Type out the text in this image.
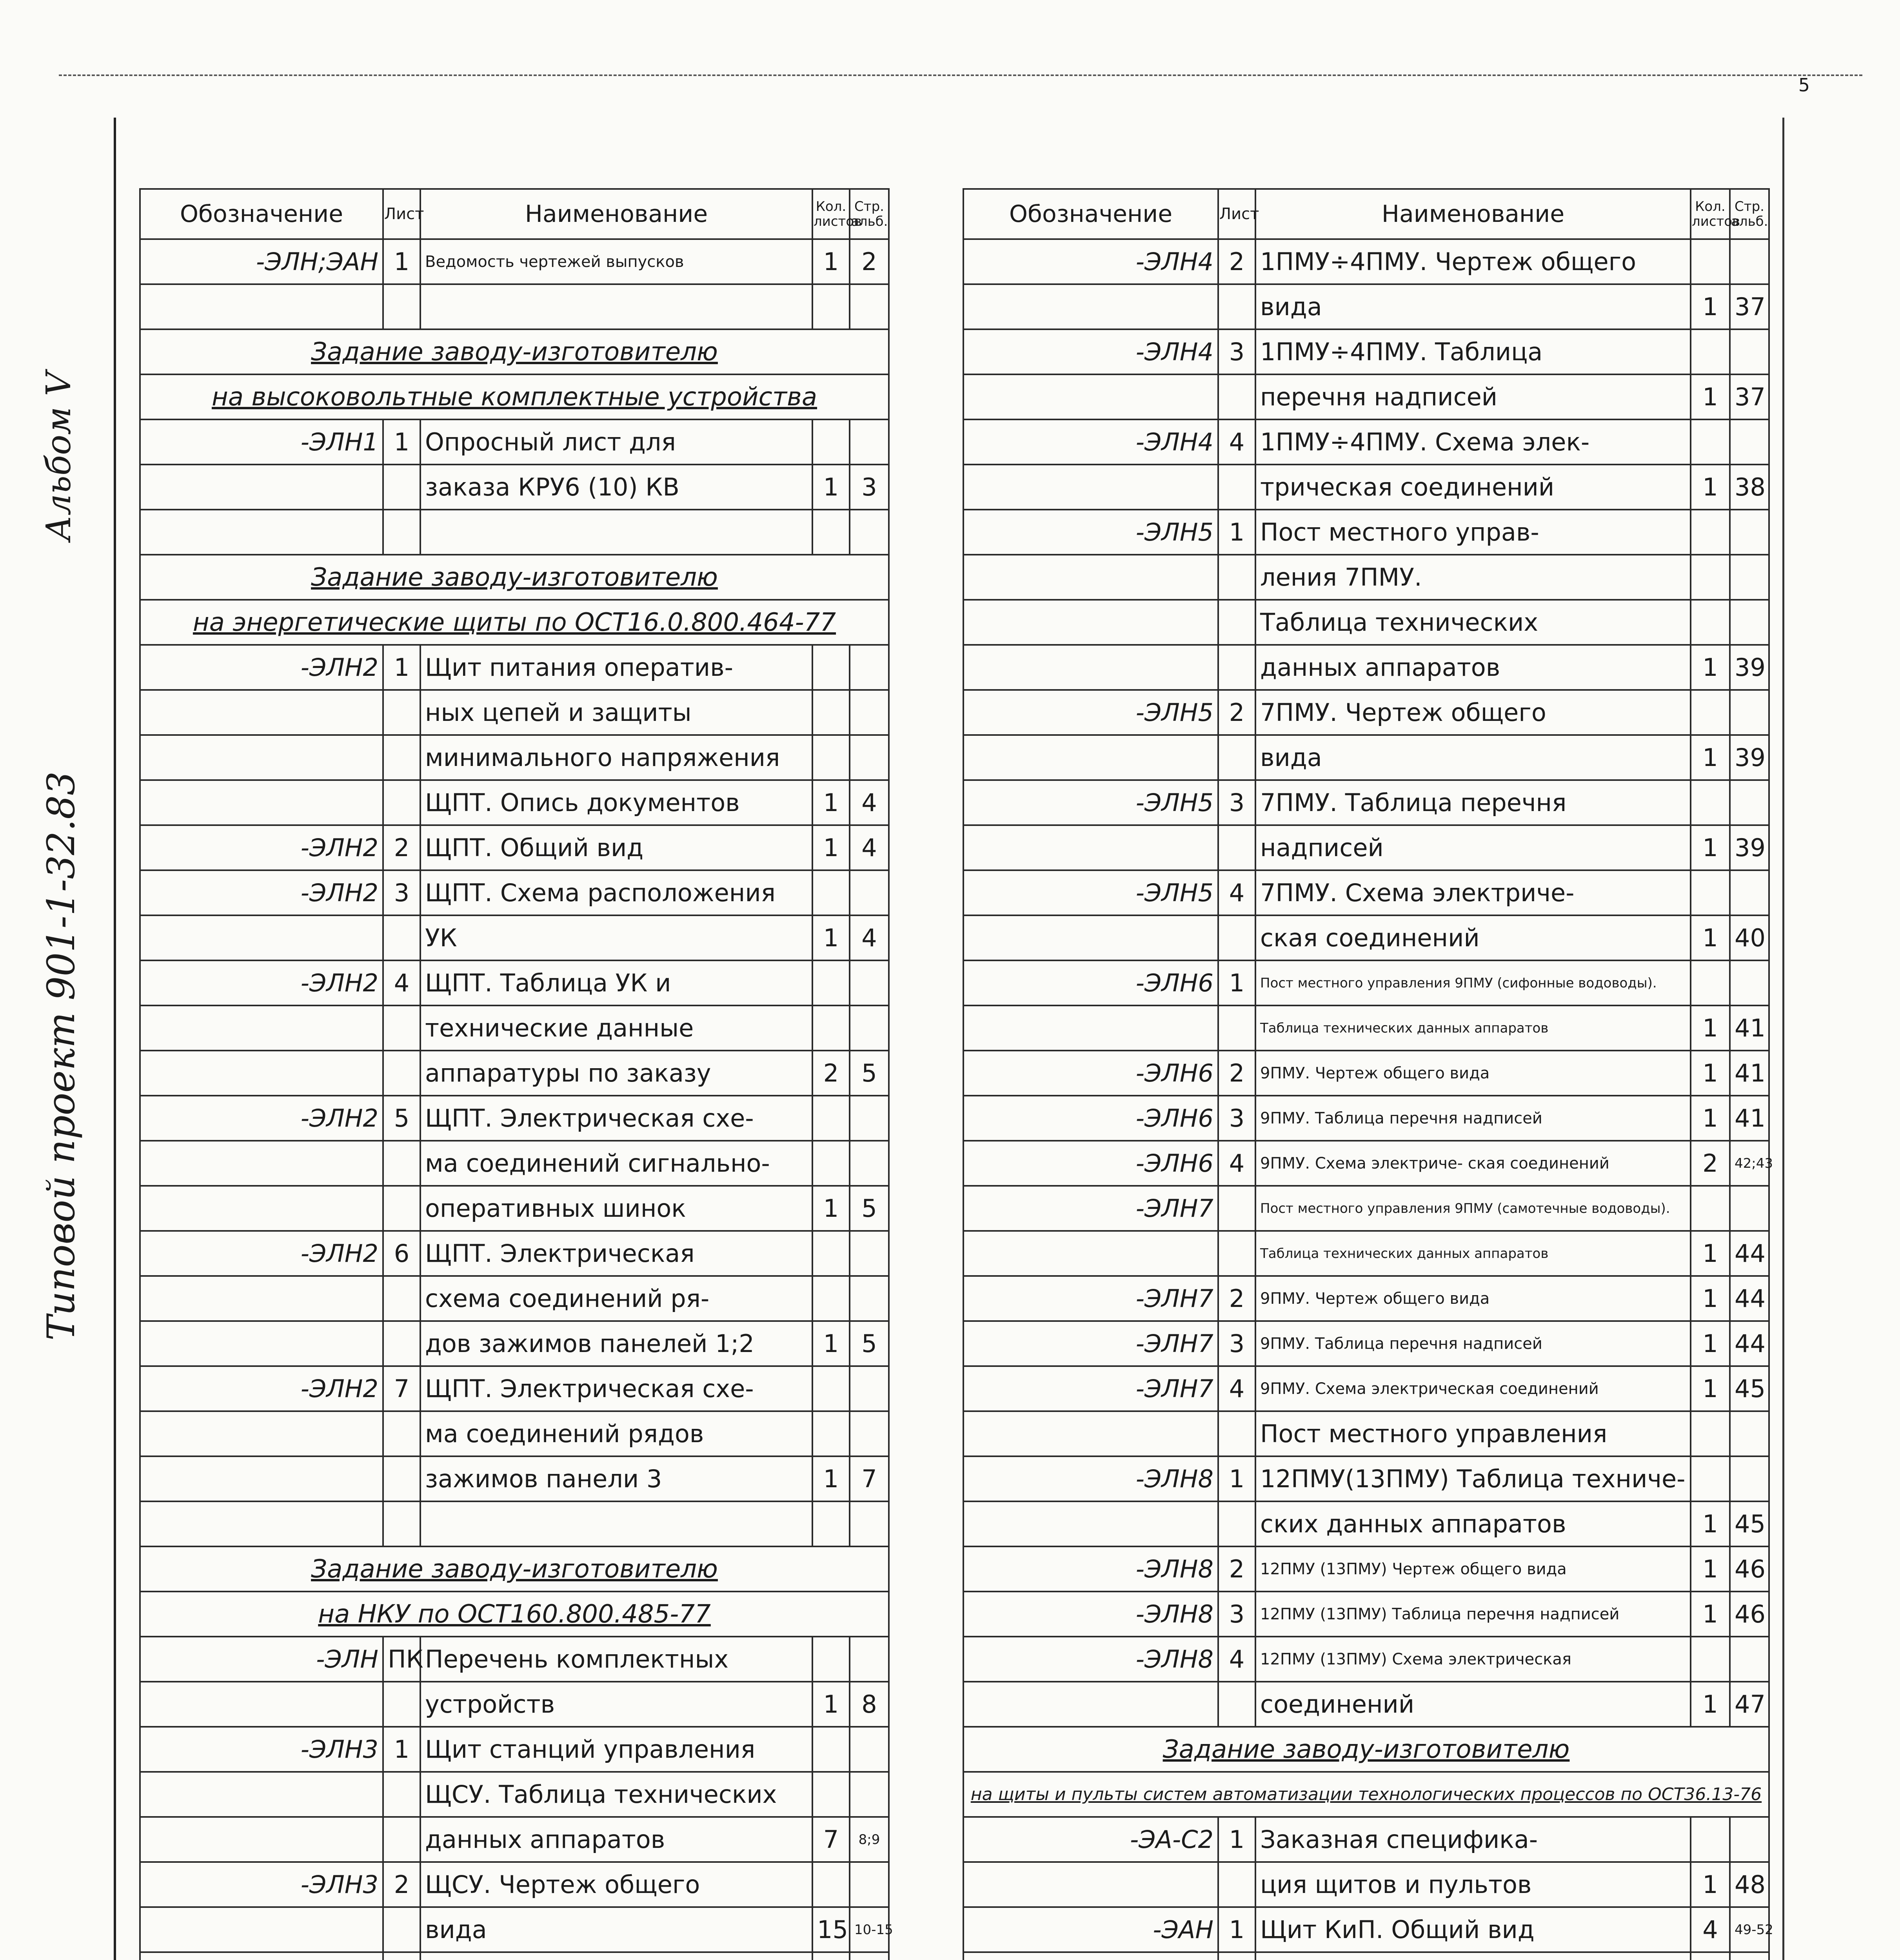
5
Альбом V
Типовой проект 901-1-32.83
Обозначение	Лист	Наименование	Кол. листов	Стр. альб.
-ЭЛН;ЭАН	1	Ведомость чертежей выпусков	1	2

Задание заводу-изготовителю				
на высоковольтные комплектные устройства				
-ЭЛН1	1	Опросный лист для		
		заказа КРУ6 (10) КВ	1	3

Задание заводу-изготовителю				
на энергетические щиты по ОСТ16.0.800.464-77				
-ЭЛН2	1	Щит питания оператив-		
		ных цепей и защиты		
		минимального напряжения		
		ЩПТ. Опись документов	1	4
-ЭЛН2	2	ЩПТ. Общий вид	1	4
-ЭЛН2	3	ЩПТ. Схема расположения		
		УК	1	4
-ЭЛН2	4	ЩПТ. Таблица УК и		
		технические данные		
		аппаратуры по заказу	2	5
-ЭЛН2	5	ЩПТ. Электрическая схе-		
		ма соединений сигнально-		
		оперативных шинок	1	5
-ЭЛН2	6	ЩПТ. Электрическая		
		схема соединений ря-		
		дов зажимов панелей 1;2	1	5
-ЭЛН2	7	ЩПТ. Электрическая схе-		
		ма соединений рядов		
		зажимов панели 3	1	7

Задание заводу-изготовителю				
на НКУ по ОСТ160.800.485-77				
-ЭЛН	ПК	Перечень комплектных		
		устройств	1	8
-ЭЛН3	1	Щит станций управления		
		ЩСУ. Таблица технических		
		данных аппаратов	7	8;9
-ЭЛН3	2	ЩСУ. Чертеж общего		
		вида	15	10-15

Обозначение	Лист	Наименование	Кол. листов	Стр. альб.
-ЭЛН4	2	1ПМУ÷4ПМУ. Чертеж общего		
		вида	1	37
-ЭЛН4	3	1ПМУ÷4ПМУ. Таблица		
		перечня надписей	1	37
-ЭЛН4	4	1ПМУ÷4ПМУ. Схема элек-		
		трическая соединений	1	38
-ЭЛН5	1	Пост местного управ-		
		ления 7ПМУ.		
		Таблица технических		
		данных аппаратов	1	39
-ЭЛН5	2	7ПМУ. Чертеж общего		
		вида	1	39
-ЭЛН5	3	7ПМУ. Таблица перечня		
		надписей	1	39
-ЭЛН5	4	7ПМУ. Схема электриче-		
		ская соединений	1	40
-ЭЛН6	1	Пост местного управления 9ПМУ (сифонные водоводы).		
		Таблица технических данных аппаратов	1	41
-ЭЛН6	2	9ПМУ. Чертеж общего вида	1	41
-ЭЛН6	3	9ПМУ. Таблица перечня надписей	1	41
-ЭЛН6	4	9ПМУ. Схема электриче- ская соединений	2	42;43
-ЭЛН7		Пост местного управления 9ПМУ (самотечные водоводы).		
		Таблица технических данных аппаратов	1	44
-ЭЛН7	2	9ПМУ. Чертеж общего вида	1	44
-ЭЛН7	3	9ПМУ. Таблица перечня надписей	1	44
-ЭЛН7	4	9ПМУ. Схема электрическая соединений	1	45
		Пост местного управления		
-ЭЛН8	1	12ПМУ(13ПМУ) Таблица техниче-		
		ских данных аппаратов	1	45
-ЭЛН8	2	12ПМУ (13ПМУ) Чертеж общего вида	1	46
-ЭЛН8	3	12ПМУ (13ПМУ) Таблица перечня надписей	1	46
-ЭЛН8	4	12ПМУ (13ПМУ) Схема электрическая		
		соединений	1	47
Задание заводу-изготовителю				
на щиты и пульты систем автоматизации технологических процессов по ОСТ36.13-76				
-ЭА-С2	1	Заказная специфика-		
		ция щитов и пультов	1	48
-ЭАН	1	Щит КиП. Общий вид	4	49-52
